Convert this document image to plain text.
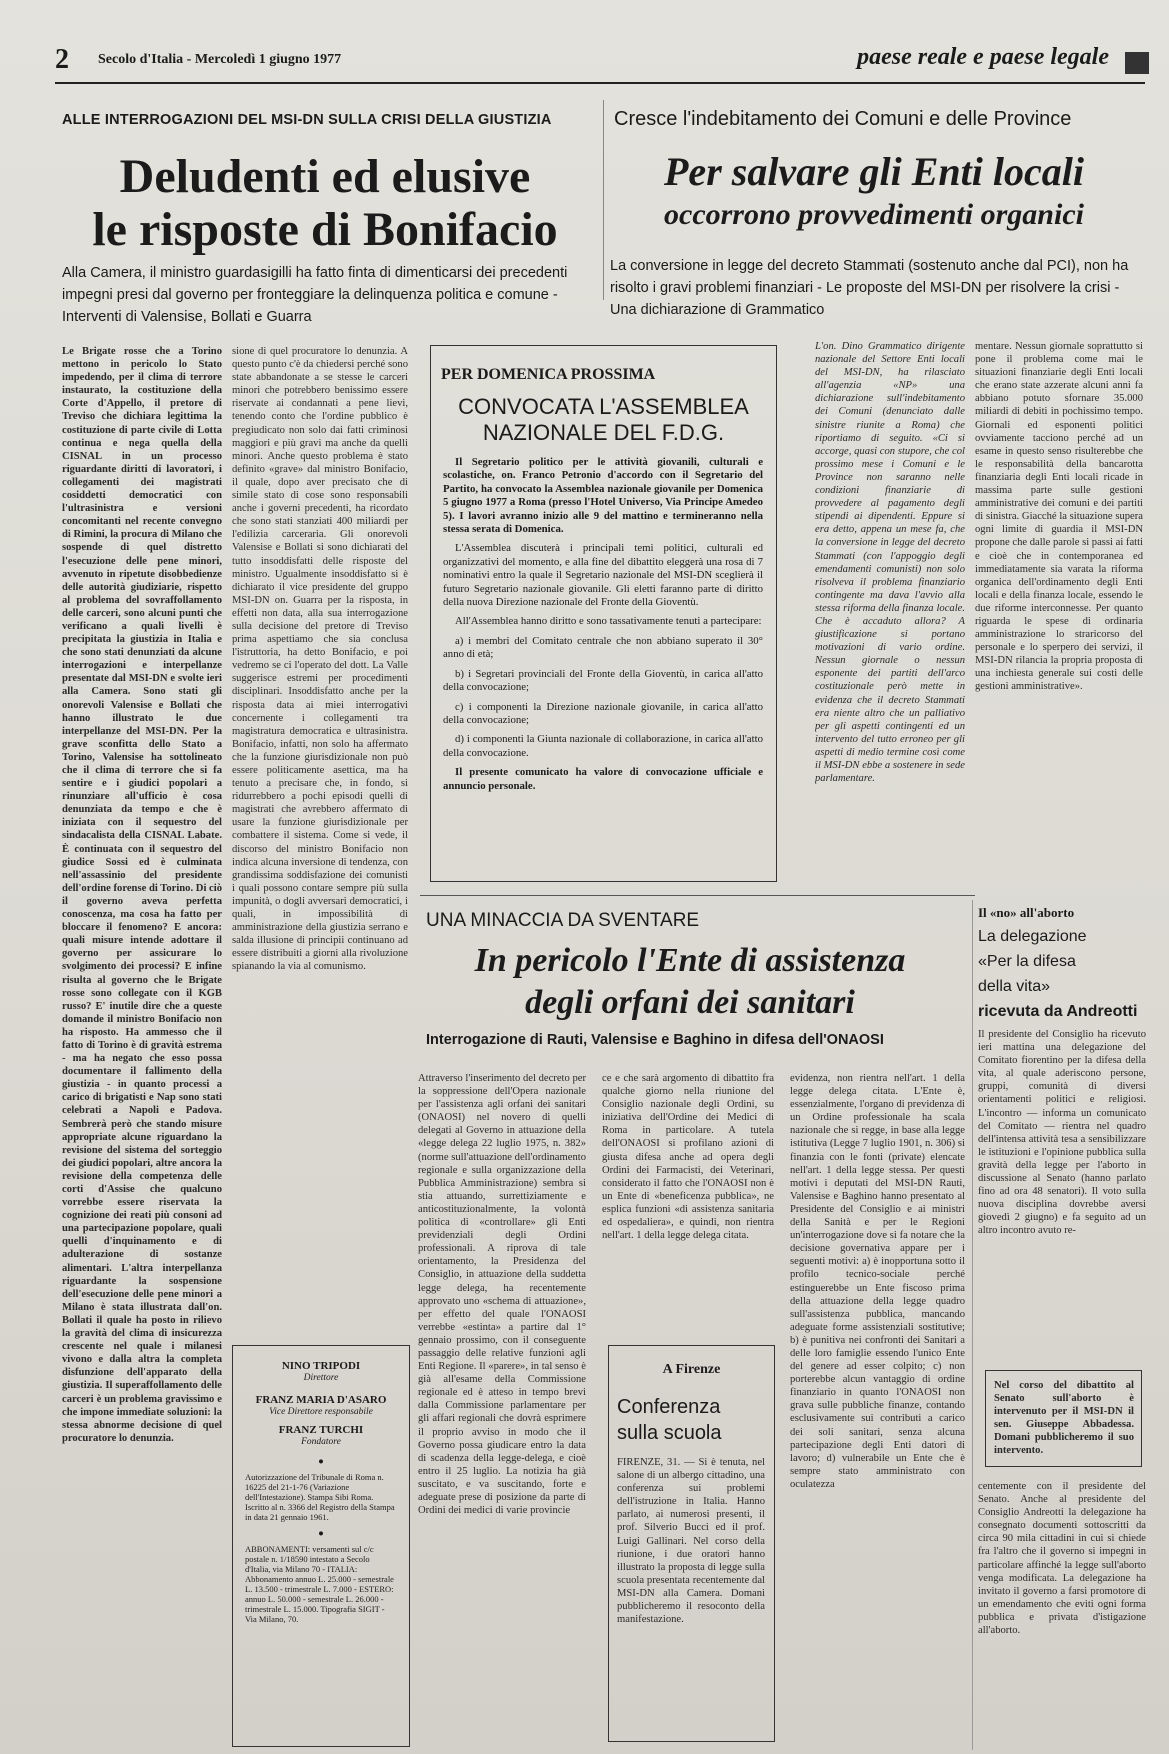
2 Secolo d'Italia - Mercoledì 1 giugno 1977	paese reale e paese legale
ALLE INTERROGAZIONI DEL MSI-DN SULLA CRISI DELLA GIUSTIZIA
Deludenti ed elusive
le risposte di Bonifacio
Alla Camera, il ministro guardasigilli ha fatto finta di dimenticarsi dei precedenti impegni presi dal governo per fronteggiare la delinquenza politica e comune - Interventi di Valensise, Bollati e Guarra
Le Brigate rosse che a Torino mettono in pericolo lo Stato impedendo, per il clima di terrore instaurato, la costituzione della Corte d'Appello, il pretore di Treviso che dichiara legittima la costituzione di parte civile di Lotta continua e nega quella della CISNAL in un processo riguardante diritti di lavoratori, i collegamenti dei magistrati cosiddetti democratici con l'ultrasinistra e versioni concomitanti nel recente convegno di Rimini, la procura di Milano che sospende di quel distretto l'esecuzione delle pene minori, avvenuto in ripetute disobbedienze delle autorità giudiziarie, rispetto al problema del sovraffollamento delle carceri, sono alcuni punti che verificano a quali livelli è precipitata la giustizia in Italia e che sono stati denunziati da alcune interrogazioni e interpellanze presentate dal MSI-DN e svolte ieri alla Camera. Sono stati gli onorevoli Valensise e Bollati che hanno illustrato le due interpellanze del MSI-DN. Per la grave sconfitta dello Stato a Torino, Valensise ha sottolineato che il clima di terrore che si fa sentire e i giudici popolari a rinunziare all'ufficio è cosa denunziata da tempo e che è iniziata con il sequestro del sindacalista della CISNAL Labate. È continuata con il sequestro del giudice Sossi ed è culminata nell'assassinio del presidente dell'ordine forense di Torino. Di ciò il governo aveva perfetta conoscenza, ma cosa ha fatto per bloccare il fenomeno? E ancora: quali misure intende adottare il governo per assicurare lo svolgimento dei processi? E infine risulta al governo che le Brigate rosse sono collegate con il KGB russo? E' inutile dire che a queste domande il ministro Bonifacio non ha risposto. Ha ammesso che il fatto di Torino è di gravità estrema - ma ha negato che esso possa documentare il fallimento della giustizia - in quanto processi a carico di brigatisti e Nap sono stati celebrati a Napoli e Padova. Sembrerà però che stando misure appropriate alcune riguardano la revisione del sistema del sorteggio dei giudici popolari, altre ancora la revisione della competenza delle corti d'Assise che qualcuno vorrebbe essere riservata la cognizione dei reati più consoni ad una partecipazione popolare, quali quelli d'inquinamento e di adulterazione di sostanze alimentari. L'altra interpellanza riguardante la sospensione dell'esecuzione delle pene minori a Milano è stata illustrata dall'on. Bollati il quale ha posto in rilievo la gravità del clima di insicurezza crescente nel quale i milanesi vivono e dalla altra la completa disfunzione dell'apparato della giustizia. Il superaffollamento delle carceri è un problema gravissimo e che impone immediate soluzioni: la stessa abnorme decisione di quel procuratore lo denunzia.
sione di quel procuratore lo denunzia. A questo punto c'è da chiedersi perché sono state abbandonate a se stesse le carceri minori che potrebbero benissimo essere riservate ai condannati a pene lievi, tenendo conto che l'ordine pubblico è pregiudicato non solo dai fatti criminosi maggiori e più gravi ma anche da quelli minori. Anche questo problema è stato definito «grave» dal ministro Bonifacio, il quale, dopo aver precisato che di simile stato di cose sono responsabili anche i governi precedenti, ha ricordato che sono stati stanziati 400 miliardi per l'edilizia carceraria. Gli onorevoli Valensise e Bollati si sono dichiarati del tutto insoddisfatti delle risposte del ministro. Ugualmente insoddisfatto si è dichiarato il vice presidente del gruppo MSI-DN on. Guarra per la risposta, in effetti non data, alla sua interrogazione sulla decisione del pretore di Treviso prima aspettiamo che sia conclusa l'istruttoria, ha detto Bonifacio, e poi vedremo se ci l'operato del dott. La Valle suggerisce estremi per procedimenti disciplinari. Insoddisfatto anche per la risposta data ai miei interrogativi concernente i collegamenti tra magistratura democratica e ultrasinistra. Bonifacio, infatti, non solo ha affermato che la funzione giurisdizionale non può essere politicamente asettica, ma ha tenuto a precisare che, in fondo, si ridurrebbero a pochi episodi quelli di magistrati che avrebbero affermato di usare la funzione giurisdizionale per combattere il sistema. Come si vede, il discorso del ministro Bonifacio non indica alcuna inversione di tendenza, con grandissima soddisfazione dei comunisti i quali possono contare sempre più sulla impunità, o dogli avversari democratici, i quali, in impossibilità di amministrazione della giustizia serrano e salda illusione di principii continuano ad essere distribuiti a giorni alla rivoluzione spianando la via al comunismo.
NINO TRIPODI
Direttore
FRANZ MARIA D'ASARO
Vice Direttore responsabile
FRANZ TURCHI
Fondatore
●
Autorizzazione del Tribunale di Roma n. 16225 del 21-1-76 (Variazione dell'Intestazione). Stampa Sibi Roma. Iscritto al n. 3366 del Registro della Stampa in data 21 gennaio 1961.
●
ABBONAMENTI: versamenti sul c/c postale n. 1/18590 intestato a Secolo d'Italia, via Milano 70 - ITALIA: Abbonamento annuo L. 25.000 - semestrale L. 13.500 - trimestrale L. 7.000 - ESTERO: annuo L. 50.000 - semestrale L. 26.000 - trimestrale L. 15.000. Tipografia SIGIT - Via Milano, 70.
Cresce l'indebitamento dei Comuni e delle Province
Per salvare gli Enti locali
occorrono provvedimenti organici
La conversione in legge del decreto Stammati (sostenuto anche dal PCI), non ha risolto i gravi problemi finanziari - Le proposte del MSI-DN per risolvere la crisi - Una dichiarazione di Grammatico
L'on. Dino Grammatico dirigente nazionale del Settore Enti locali del MSI-DN, ha rilasciato all'agenzia «NP» una dichiarazione sull'indebitamento dei Comuni (denunciato dalle sinistre riunite a Roma) che riportiamo di seguito. «Ci si accorge, quasi con stupore, che col prossimo mese i Comuni e le Province non saranno nelle condizioni finanziarie di provvedere al pagamento degli stipendi ai dipendenti. Eppure si era detto, appena un mese fa, che la conversione in legge del decreto Stammati (con l'appoggio degli emendamenti comunisti) non solo risolveva il problema finanziario contingente ma dava l'avvio alla stessa riforma della finanza locale. Che è accaduto allora? A giustificazione si portano motivazioni di vario ordine. Nessun giornale o nessun esponente dei partiti dell'arco costituzionale però mette in evidenza che il decreto Stammati era niente altro che un palliativo per gli aspetti contingenti ed un intervento del tutto erroneo per gli aspetti di medio termine così come il MSI-DN ebbe a sostenere in sede parlamentare.
mentare. Nessun giornale soprattutto si pone il problema come mai le situazioni finanziarie degli Enti locali che erano state azzerate alcuni anni fa abbiano potuto sfornare 35.000 miliardi di debiti in pochissimo tempo. Giornali ed esponenti politici ovviamente tacciono perché ad un esame in questo senso risulterebbe che le responsabilità della bancarotta finanziaria degli Enti locali ricade in massima parte sulle gestioni amministrative dei comuni e dei partiti di sinistra. Giacché la situazione supera ogni limite di guardia il MSI-DN propone che dalle parole si passi ai fatti e cioè che in contemporanea ed immediatamente sia varata la riforma organica dell'ordinamento degli Enti locali e della finanza locale, essendo le due riforme interconnesse. Per quanto riguarda le spese di ordinaria amministrazione lo straricorso del personale e lo sperpero dei servizi, il MSI-DN rilancia la propria proposta di una inchiesta generale sui costi delle gestioni amministrative».
PER DOMENICA PROSSIMA
CONVOCATA L'ASSEMBLEA
NAZIONALE DEL F.D.G.

Il Segretario politico per le attività giovanili, culturali e scolastiche, on. Franco Petronio d'accordo con il Segretario del Partito, ha convocato la Assemblea nazionale giovanile per Domenica 5 giugno 1977 a Roma (presso l'Hotel Universo, Via Principe Amedeo 5). I lavori avranno inizio alle 9 del mattino e termineranno nella stessa serata di Domenica.

L'Assemblea discuterà i principali temi politici, culturali ed organizzativi del momento, e alla fine del dibattito eleggerà una rosa di 7 nominativi entro la quale il Segretario nazionale del MSI-DN sceglierà il futuro Segretario nazionale giovanile. Gli eletti faranno parte di diritto della nuova Direzione nazionale del Fronte della Gioventù.

All'Assemblea hanno diritto e sono tassativamente tenuti a partecipare:

a) i membri del Comitato centrale che non abbiano superato il 30° anno di età;

b) i Segretari provinciali del Fronte della Gioventù, in carica all'atto della convocazione;

c) i componenti la Direzione nazionale giovanile, in carica all'atto della convocazione;

d) i componenti la Giunta nazionale di collaborazione, in carica all'atto della convocazione.

Il presente comunicato ha valore di convocazione ufficiale e annuncio personale.

UNA MINACCIA DA SVENTARE
In pericolo l'Ente di assistenza
degli orfani dei sanitari
Interrogazione di Rauti, Valensise e Baghino in difesa dell'ONAOSI
Attraverso l'inserimento del decreto per la soppressione dell'Opera nazionale per l'assistenza agli orfani dei sanitari (ONAOSI) nel novero di quelli delegati al Governo in attuazione della «legge delega 22 luglio 1975, n. 382» (norme sull'attuazione dell'ordinamento regionale e sulla organizzazione della Pubblica Amministrazione) sembra si stia attuando, surrettiziamente e anticostituzionalmente, la volontà politica di «controllare» gli Enti previdenziali degli Ordini professionali. A riprova di tale orientamento, la Presidenza del Consiglio, in attuazione della suddetta legge delega, ha recentemente approvato uno «schema di attuazione», per effetto del quale l'ONAOSI verrebbe «estinta» a partire dal 1° gennaio prossimo, con il conseguente passaggio delle relative funzioni agli Enti Regione. Il «parere», in tal senso è già all'esame della Commissione regionale ed è atteso in tempo brevi dalla Commissione parlamentare per gli affari regionali che dovrà esprimere il proprio avviso in modo che il Governo possa giudicare entro la data di scadenza della legge-delega, e cioè entro il 25 luglio. La notizia ha già suscitato, e va suscitando, forte e adeguate prese di posizione da parte di Ordini dei medici di varie provincie
ce e che sarà argomento di dibattito fra qualche giorno nella riunione del Consiglio nazionale degli Ordini, su iniziativa dell'Ordine dei Medici di Roma in particolare. A tutela dell'ONAOSI si profilano azioni di giusta difesa anche ad opera degli Ordini dei Farmacisti, dei Veterinari, considerato il fatto che l'ONAOSI non è un Ente di «beneficenza pubblica», ne esplica funzioni «di assistenza sanitaria ed ospedaliera», e quindi, non rientra nell'art. 1 della legge delega citata.
evidenza, non rientra nell'art. 1 della legge delega citata. L'Ente è, essenzialmente, l'organo di previdenza di un Ordine professionale ha scala nazionale che si regge, in base alla legge istitutiva (Legge 7 luglio 1901, n. 306) si finanzia con le fonti (private) elencate nell'art. 1 della legge stessa. Per questi motivi i deputati del MSI-DN Rauti, Valensise e Baghino hanno presentato al Presidente del Consiglio e ai ministri della Sanità e per le Regioni un'interrogazione dove si fa notare che la decisione governativa appare per i seguenti motivi: a) è inopportuna sotto il profilo tecnico-sociale perché estinguerebbe un Ente fiscoso prima della attuazione della legge quadro sull'assistenza pubblica, mancando adeguate forme assistenziali sostitutive; b) è punitiva nei confronti dei Sanitari a delle loro famiglie essendo l'unico Ente del genere ad esser colpito; c) non porterebbe alcun vantaggio di ordine finanziario in quanto l'ONAOSI non grava sulle pubbliche finanze, contando esclusivamente sui contributi a carico dei soli sanitari, senza alcuna partecipazione degli Enti datori di lavoro; d) vulnerabile un Ente che è sempre stato amministrato con oculatezza
A Firenze
Conferenza
sulla scuola
FIRENZE, 31. — Si è tenuta, nel salone di un albergo cittadino, una conferenza sui problemi dell'istruzione in Italia. Hanno parlato, ai numerosi presenti, il prof. Silverio Bucci ed il prof. Luigi Gallinari. Nel corso della riunione, i due oratori hanno illustrato la proposta di legge sulla scuola presentata recentemente dal MSI-DN alla Camera. Domani pubblicheremo il resoconto della manifestazione.
Il «no» all'aborto
La delegazione
«Per la difesa
della vita»
ricevuta da Andreotti
Il presidente del Consiglio ha ricevuto ieri mattina una delegazione del Comitato fiorentino per la difesa della vita, al quale aderiscono persone, gruppi, comunità di diversi orientamenti politici e religiosi. L'incontro — informa un comunicato del Comitato — rientra nel quadro dell'intensa attività tesa a sensibilizzare le istituzioni e l'opinione pubblica sulla gravità della legge per l'aborto in discussione al Senato (hanno parlato fino ad ora 48 senatori). Il voto sulla nuova disciplina dovrebbe aversi giovedì 2 giugno) e fa seguito ad un altro incontro avuto re-
Nel corso del dibattito al Senato sull'aborto è intervenuto per il MSI-DN il sen. Giuseppe Abbadessa. Domani pubblicheremo il suo intervento.
centemente con il presidente del Senato. Anche al presidente del Consiglio Andreotti la delegazione ha consegnato documenti sottoscritti da circa 90 mila cittadini in cui si chiede fra l'altro che il governo si impegni in particolare affinché la legge sull'aborto venga modificata. La delegazione ha invitato il governo a farsi promotore di un emendamento che eviti ogni forma pubblica e privata d'istigazione all'aborto.
